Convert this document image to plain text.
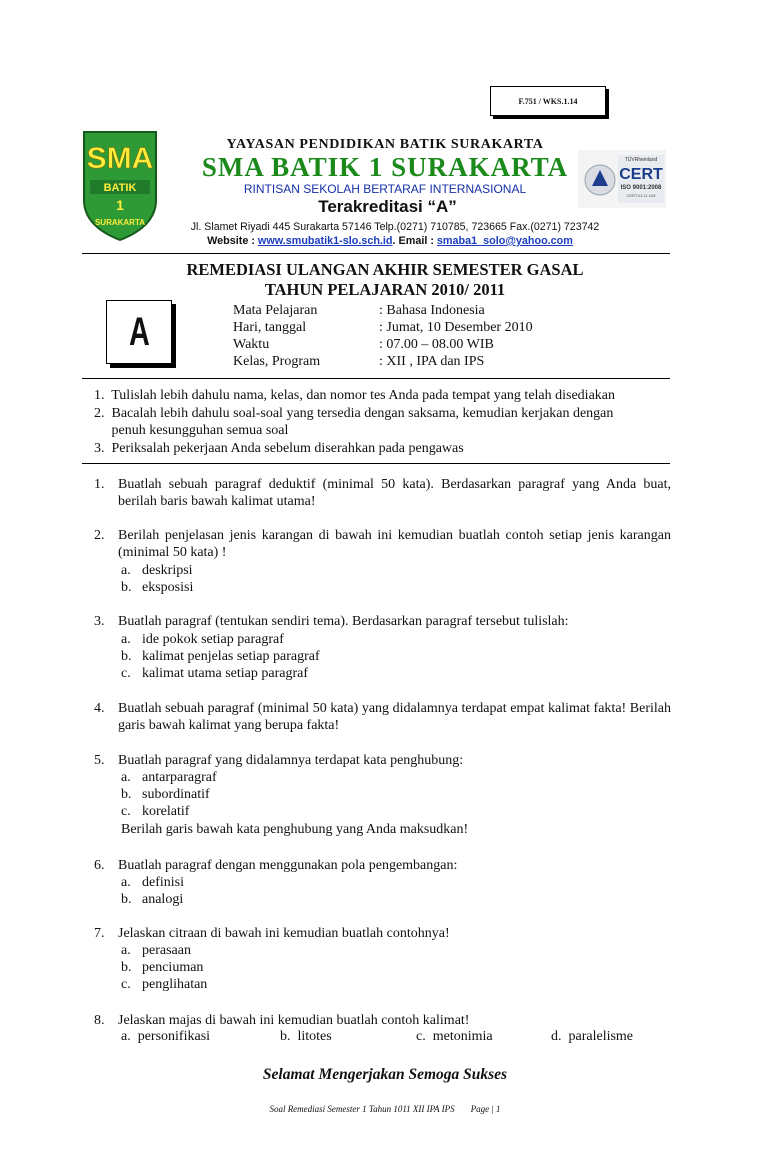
F.751 / WKS.1.14
SMA
BATIK
1
SURAKARTA
TÜVRheinland
CERT
ISO 9001:2008
CERT.01.11.108
YAYASAN PENDIDIKAN BATIK SURAKARTA
SMA BATIK 1 SURAKARTA
RINTISAN SEKOLAH BERTARAF INTERNASIONAL
Terakreditasi “A”
Jl. Slamet Riyadi 445 Surakarta 57146 Telp.(0271) 710785, 723665 Fax.(0271) 723742
Website : www.smubatik1-slo.sch.id. Email : smaba1_solo@yahoo.com
REMEDIASI ULANGAN AKHIR SEMESTER GASAL
TAHUN PELAJARAN 2010/ 2011
A	Mata Pelajaran	: Bahasa Indonesia
Hari, tanggal	: Jumat, 10 Desember 2010
Waktu	: 07.00 – 08.00 WIB
Kelas, Program	: XII , IPA dan IPS
1.  Tulislah lebih dahulu nama, kelas, dan nomor tes Anda pada tempat yang telah disediakan
2.  Bacalah lebih dahulu soal-soal yang tersedia dengan saksama, kemudian kerjakan dengan
penuh kesungguhan semua soal
3.  Periksalah pekerjaan Anda sebelum diserahkan pada pengawas
1. Buatlah sebuah paragraf deduktif (minimal 50 kata). Berdasarkan paragraf yang Anda buat, berilah baris bawah kalimat utama!
2. Berilah penjelasan jenis karangan di bawah ini kemudian buatlah contoh setiap jenis karangan (minimal 50 kata) !
a. deskripsi
b. eksposisi
3. Buatlah paragraf (tentukan sendiri tema). Berdasarkan paragraf tersebut tulislah:
a. ide pokok setiap paragraf
b. kalimat penjelas setiap paragraf
c. kalimat utama setiap paragraf
4. Buatlah sebuah paragraf (minimal 50 kata) yang didalamnya terdapat empat kalimat fakta! Berilah garis bawah kalimat yang berupa fakta!
5. Buatlah paragraf yang didalamnya terdapat kata penghubung:
a. antarparagraf
b. subordinatif
c. korelatif
Berilah garis bawah kata penghubung yang Anda maksudkan!
6. Buatlah paragraf dengan menggunakan pola pengembangan:
a. definisi
b. analogi
7. Jelaskan citraan di bawah ini kemudian buatlah contohnya!
a. perasaan
b. penciuman
c. penglihatan
8. Jelaskan majas di bawah ini kemudian buatlah contoh kalimat!
a. personifikasi	b. litotes	c. metonimia	d. paralelisme
Selamat Mengerjakan Semoga Sukses
Soal Remediasi Semester 1 Tahun 1011 XII IPA IPS Page | 1
